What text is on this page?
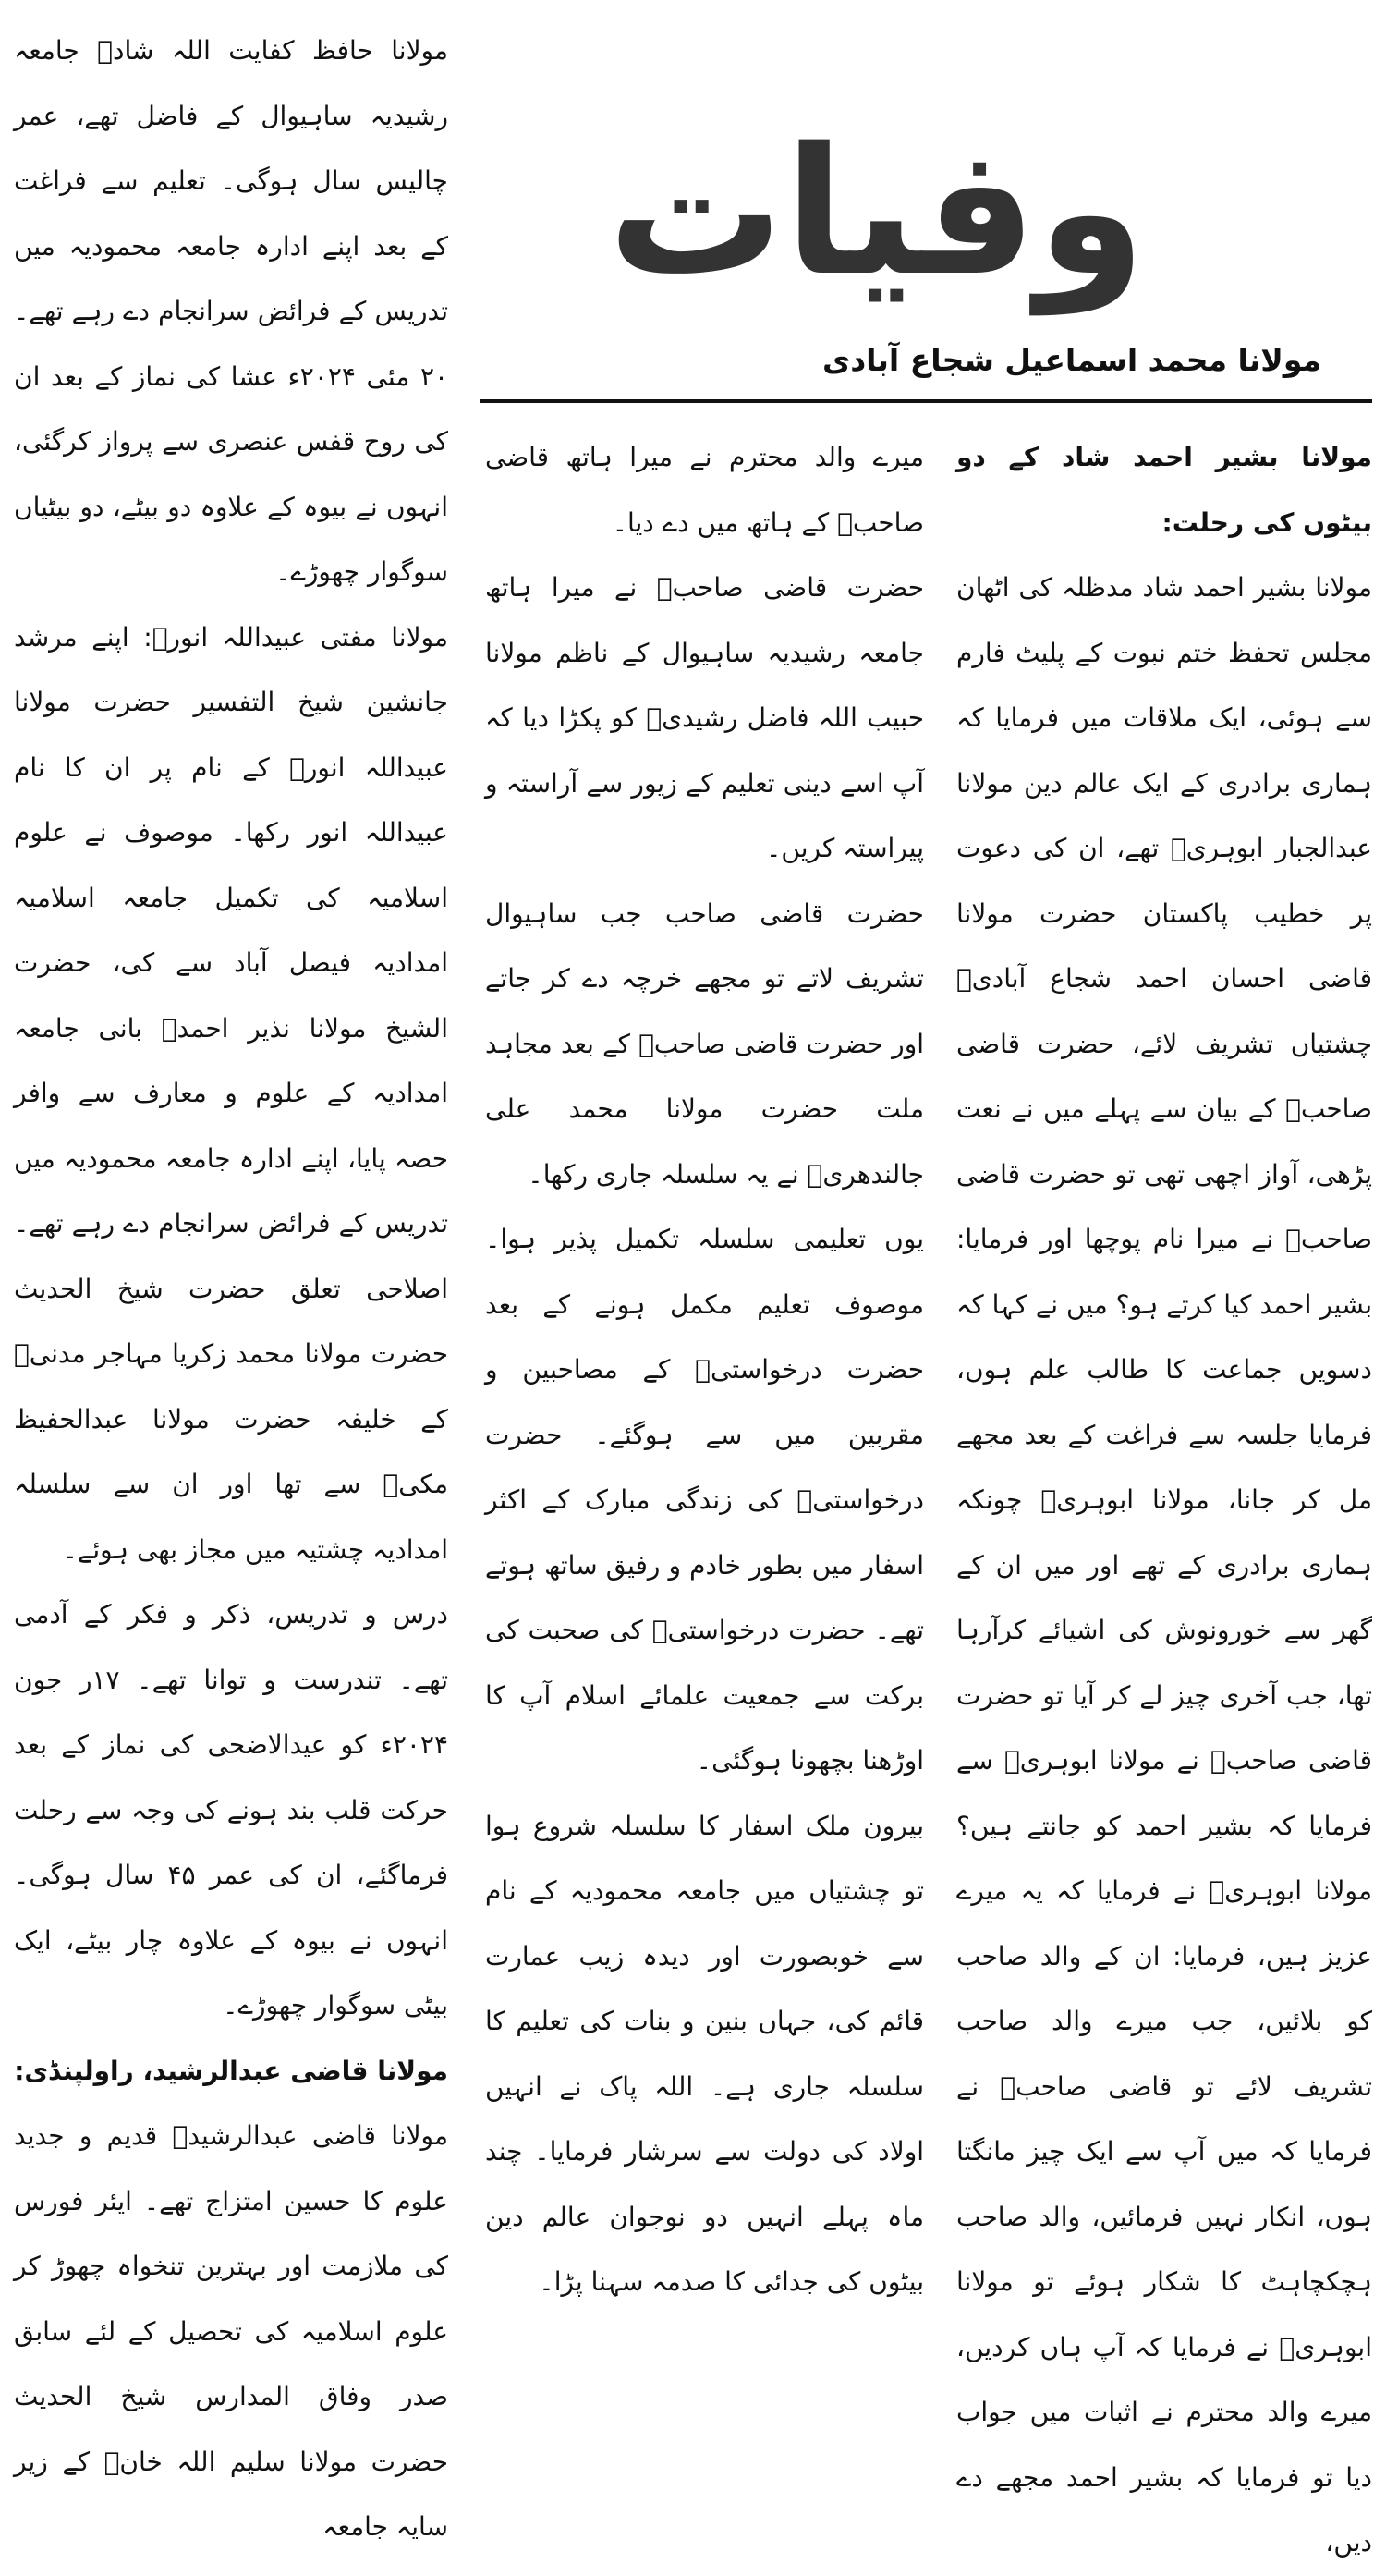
وفیات
مولانا محمد اسماعیل شجاع آبادی

مولانا بشیر احمد شاد کے دو بیٹوں کی رحلت:

مولانا بشیر احمد شاد مدظلہ کی اٹھان مجلس تحفظ ختم نبوت کے پلیٹ فارم سے ہوئی، ایک ملاقات میں فرمایا کہ ہماری برادری کے ایک عالم دین مولانا عبدالجبار ابوہریؒ تھے، ان کی دعوت پر خطیب پاکستان حضرت مولانا قاضی احسان احمد شجاع آبادیؒ چشتیاں تشریف لائے، حضرت قاضی صاحبؒ کے بیان سے پہلے میں نے نعت پڑھی، آواز اچھی تھی تو حضرت قاضی صاحبؒ نے میرا نام پوچھا اور فرمایا: بشیر احمد کیا کرتے ہو؟ میں نے کہا کہ دسویں جماعت کا طالب علم ہوں، فرمایا جلسہ سے فراغت کے بعد مجھے مل کر جانا، مولانا ابوہریؒ چونکہ ہماری برادری کے تھے اور میں ان کے گھر سے خورونوش کی اشیائے کرآرہا تھا، جب آخری چیز لے کر آیا تو حضرت قاضی صاحبؒ نے مولانا ابوہریؒ سے فرمایا کہ بشیر احمد کو جانتے ہیں؟ مولانا ابوہریؒ نے فرمایا کہ یہ میرے عزیز ہیں، فرمایا: ان کے والد صاحب کو بلائیں، جب میرے والد صاحب تشریف لائے تو قاضی صاحبؒ نے فرمایا کہ میں آپ سے ایک چیز مانگتا ہوں، انکار نہیں فرمائیں، والد صاحب ہچکچاہٹ کا شکار ہوئے تو مولانا ابوہریؒ نے فرمایا کہ آپ ہاں کردیں، میرے والد محترم نے اثبات میں جواب دیا تو فرمایا کہ بشیر احمد مجھے دے دیں،

میرے والد محترم نے میرا ہاتھ قاضی صاحبؒ کے ہاتھ میں دے دیا۔

حضرت قاضی صاحبؒ نے میرا ہاتھ جامعہ رشیدیہ ساہیوال کے ناظم مولانا حبیب اللہ فاضل رشیدیؒ کو پکڑا دیا کہ آپ اسے دینی تعلیم کے زیور سے آراستہ و پیراستہ کریں۔

حضرت قاضی صاحب جب ساہیوال تشریف لاتے تو مجھے خرچہ دے کر جاتے اور حضرت قاضی صاحبؒ کے بعد مجاہد ملت حضرت مولانا محمد علی جالندھریؒ نے یہ سلسلہ جاری رکھا۔

یوں تعلیمی سلسلہ تکمیل پذیر ہوا۔ موصوف تعلیم مکمل ہونے کے بعد حضرت درخواستیؒ کے مصاحبین و مقربین میں سے ہوگئے۔ حضرت درخواستیؒ کی زندگی مبارک کے اکثر اسفار میں بطور خادم و رفیق ساتھ ہوتے تھے۔ حضرت درخواستیؒ کی صحبت کی برکت سے جمعیت علمائے اسلام آپ کا اوڑھنا بچھونا ہوگئی۔

بیرون ملک اسفار کا سلسلہ شروع ہوا تو چشتیاں میں جامعہ محمودیہ کے نام سے خوبصورت اور دیدہ زیب عمارت قائم کی، جہاں بنین و بنات کی تعلیم کا سلسلہ جاری ہے۔ اللہ پاک نے انہیں اولاد کی دولت سے سرشار فرمایا۔ چند ماہ پہلے انہیں دو نوجوان عالم دین بیٹوں کی جدائی کا صدمہ سہنا پڑا۔

مولانا حافظ کفایت اللہ شادؒ جامعہ رشیدیہ ساہیوال کے فاضل تھے، عمر چالیس سال ہوگی۔ تعلیم سے فراغت کے بعد اپنے ادارہ جامعہ محمودیہ میں تدریس کے فرائض سرانجام دے رہے تھے۔ ۲۰ مئی ۲۰۲۴ء عشا کی نماز کے بعد ان کی روح قفس عنصری سے پرواز کرگئی، انہوں نے بیوہ کے علاوہ دو بیٹے، دو بیٹیاں سوگوار چھوڑے۔

مولانا مفتی عبیداللہ انورؒ: اپنے مرشد جانشین شیخ التفسیر حضرت مولانا عبیداللہ انورؒ کے نام پر ان کا نام عبیداللہ انور رکھا۔ موصوف نے علوم اسلامیہ کی تکمیل جامعہ اسلامیہ امدادیہ فیصل آباد سے کی، حضرت الشیخ مولانا نذیر احمدؒ بانی جامعہ امدادیہ کے علوم و معارف سے وافر حصہ پایا، اپنے ادارہ جامعہ محمودیہ میں تدریس کے فرائض سرانجام دے رہے تھے۔ اصلاحی تعلق حضرت شیخ الحدیث حضرت مولانا محمد زکریا مہاجر مدنیؒ کے خلیفہ حضرت مولانا عبدالحفیظ مکیؒ سے تھا اور ان سے سلسلہ امدادیہ چشتیہ میں مجاز بھی ہوئے۔

درس و تدریس، ذکر و فکر کے آدمی تھے۔ تندرست و توانا تھے۔ ۱۷ر جون ۲۰۲۴ء کو عیدالاضحی کی نماز کے بعد حرکت قلب بند ہونے کی وجہ سے رحلت فرماگئے، ان کی عمر ۴۵ سال ہوگی۔ انہوں نے بیوہ کے علاوہ چار بیٹے، ایک بیٹی سوگوار چھوڑے۔

مولانا قاضی عبدالرشید، راولپنڈی:

مولانا قاضی عبدالرشیدؒ قدیم و جدید علوم کا حسین امتزاج تھے۔ ایئر فورس کی ملازمت اور بہترین تنخواہ چھوڑ کر علوم اسلامیہ کی تحصیل کے لئے سابق صدر وفاق المدارس شیخ الحدیث حضرت مولانا سلیم اللہ خانؒ کے زیر سایہ جامعہ
